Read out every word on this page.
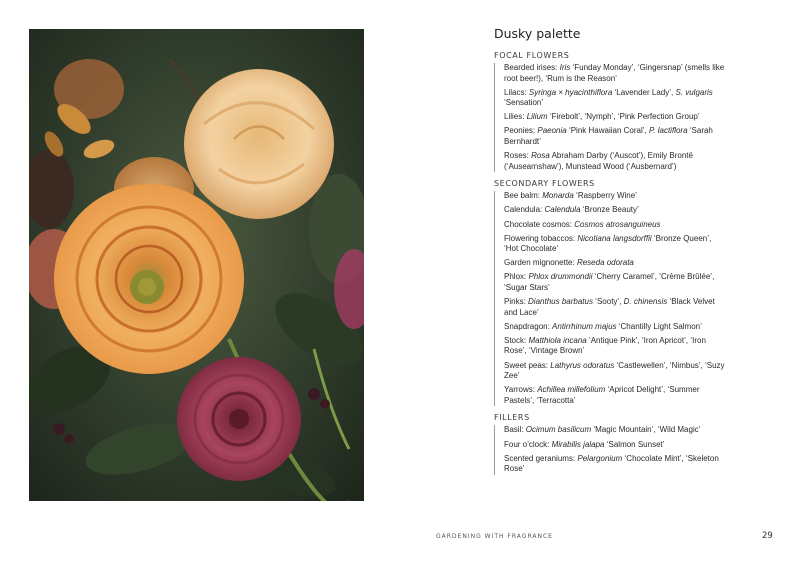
Dusky palette
FOCAL FLOWERS
Bearded irises: Iris ‘Funday Monday’, ‘Gingersnap’ (smells like root beer!), ‘Rum is the Reason’
Lilacs: Syringa × hyacinthiflora ‘Lavender Lady’, S. vulgaris ‘Sensation’
Lilies: Lilium ‘Firebolt’, ‘Nymph’, ‘Pink Perfection Group’
Peonies: Paeonia ‘Pink Hawaiian Coral’, P. lactiflora ‘Sarah Bernhardt’
Roses: Rosa Abraham Darby (‘Auscot’), Emily Brontë (‘Ausearnshaw’), Munstead Wood (‘Ausbernard’)
SECONDARY FLOWERS
Bee balm: Monarda ‘Raspberry Wine’
Calendula: Calendula ‘Bronze Beauty’
Chocolate cosmos: Cosmos atrosanguineus
Flowering tobaccos: Nicotiana langsdorffii ‘Bronze Queen’, ‘Hot Chocolate’
Garden mignonette: Reseda odorata
Phlox: Phlox drummondii ‘Cherry Caramel’, ‘Crème Brûlée’, ‘Sugar Stars’
Pinks: Dianthus barbatus ‘Sooty’, D. chinensis ‘Black Velvet and Lace’
Snapdragon: Antirrhinum majus ‘Chantilly Light Salmon’
Stock: Matthiola incana ‘Antique Pink’, ‘Iron Apricot’, ‘Iron Rose’, ‘Vintage Brown’
Sweet peas: Lathyrus odoratus ‘Castlewellen’, ‘Nimbus’, ‘Suzy Zee’
Yarrows: Achillea millefolium ‘Apricot Delight’, ‘Summer Pastels’, ‘Terracotta’
FILLERS
Basil: Ocimum basilicum ‘Magic Mountain’, ‘Wild Magic’
Four o’clock: Mirabilis jalapa ‘Salmon Sunset’
Scented geraniums: Pelargonium ‘Chocolate Mint’, ‘Skeleton Rose’
GARDENING WITH FRAGRANCE	29
